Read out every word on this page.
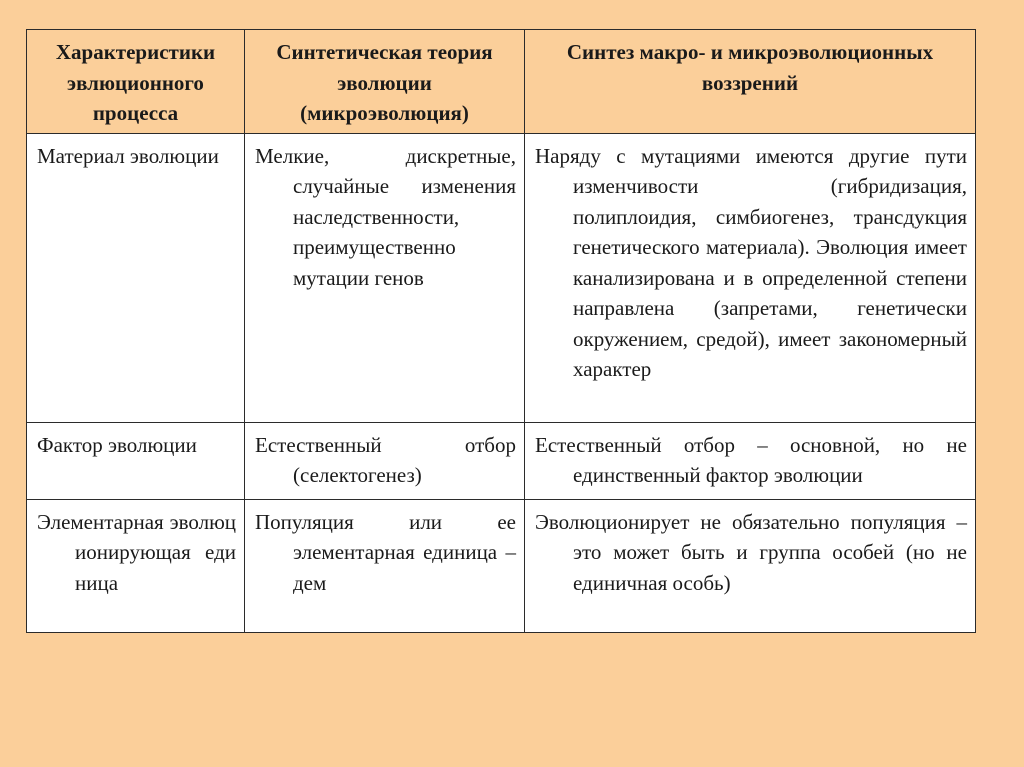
Характеристики эвлюционного процесса	Синтетическая теория эволюции (микроэволюция)	Синтез макро- и микроэволюционных воззрений

Материал эволюции	Мелкие, дискретные, случайные изменения наследственности, преимущественно мутации генов	Наряду с мутациями имеются другие пути изменчивости (гибридизация, полиплоидия, симбиогенез, трансдукция генетического материала). Эволюция имеет канализирована и в определенной степени направлена (запретами, генетически окружением, средой), имеет закономерный характер

Фактор эволюции	Естественный отбор (селектогенез)	Естественный отбор – основной, но не единственный фактор эволюции

Элементарная эволюционирующая единица	Популяция или ее элементарная единица – дем	Эволюционирует не обязательно популяция – это может быть и группа особей (но не единичная особь)
